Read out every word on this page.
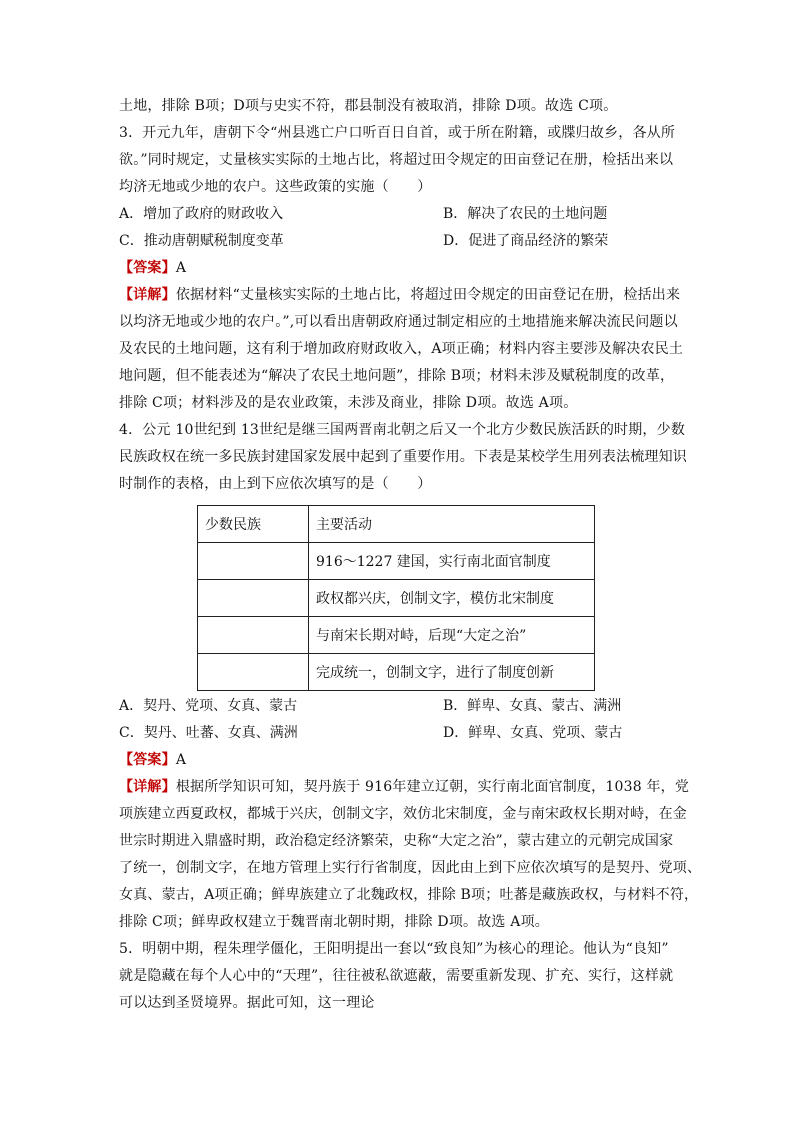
土地，排除 B项；D项与史实不符，郡县制没有被取消，排除 D项。故选 C项。
3．开元九年，唐朝下令“州县逃亡户口听百日自首，或于所在附籍，或牒归故乡，各从所
欲。”同时规定，丈量核实实际的土地占比，将超过田令规定的田亩登记在册，检括出来以
均济无地或少地的农户。这些政策的实施（　　）
A．增加了政府的财政收入	B．解决了农民的土地问题
C．推动唐朝赋税制度变革	D．促进了商品经济的繁荣
【答案】A
【详解】依据材料“丈量核实实际的土地占比，将超过田令规定的田亩登记在册，检括出来
以均济无地或少地的农户。”,可以看出唐朝政府通过制定相应的土地措施来解决流民问题以
及农民的土地问题，这有利于增加政府财政收入，A项正确；材料内容主要涉及解决农民土
地问题，但不能表述为“解决了农民土地问题”，排除 B项；材料未涉及赋税制度的改革，
排除 C项；材料涉及的是农业政策，未涉及商业，排除 D项。故选 A项。
4．公元 10世纪到 13世纪是继三国两晋南北朝之后又一个北方少数民族活跃的时期，少数
民族政权在统一多民族封建国家发展中起到了重要作用。下表是某校学生用列表法梳理知识
时制作的表格，由上到下应依次填写的是（　　）
少数民族	主要活动
	916～1227 建国，实行南北面官制度
	政权都兴庆，创制文字，模仿北宋制度
	与南宋长期对峙，后现“大定之治”
	完成统一，创制文字，进行了制度创新
A．契丹、党项、女真、蒙古	B．鲜卑、女真、蒙古、满洲
C．契丹、吐蕃、女真、满洲	D．鲜卑、女真、党项、蒙古
【答案】A
【详解】根据所学知识可知，契丹族于 916年建立辽朝，实行南北面官制度，1038 年，党
项族建立西夏政权，都城于兴庆，创制文字，效仿北宋制度，金与南宋政权长期对峙，在金
世宗时期进入鼎盛时期，政治稳定经济繁荣，史称“大定之治”，蒙古建立的元朝完成国家
了统一，创制文字，在地方管理上实行行省制度，因此由上到下应依次填写的是契丹、党项、
女真、蒙古，A项正确；鲜卑族建立了北魏政权，排除 B项；吐蕃是藏族政权，与材料不符，
排除 C项；鲜卑政权建立于魏晋南北朝时期，排除 D项。故选 A项。
5．明朝中期，程朱理学僵化，王阳明提出一套以“致良知”为核心的理论。他认为“良知”
就是隐藏在每个人心中的“天理”，往往被私欲遮蔽，需要重新发现、扩充、实行，这样就
可以达到圣贤境界。据此可知，这一理论
